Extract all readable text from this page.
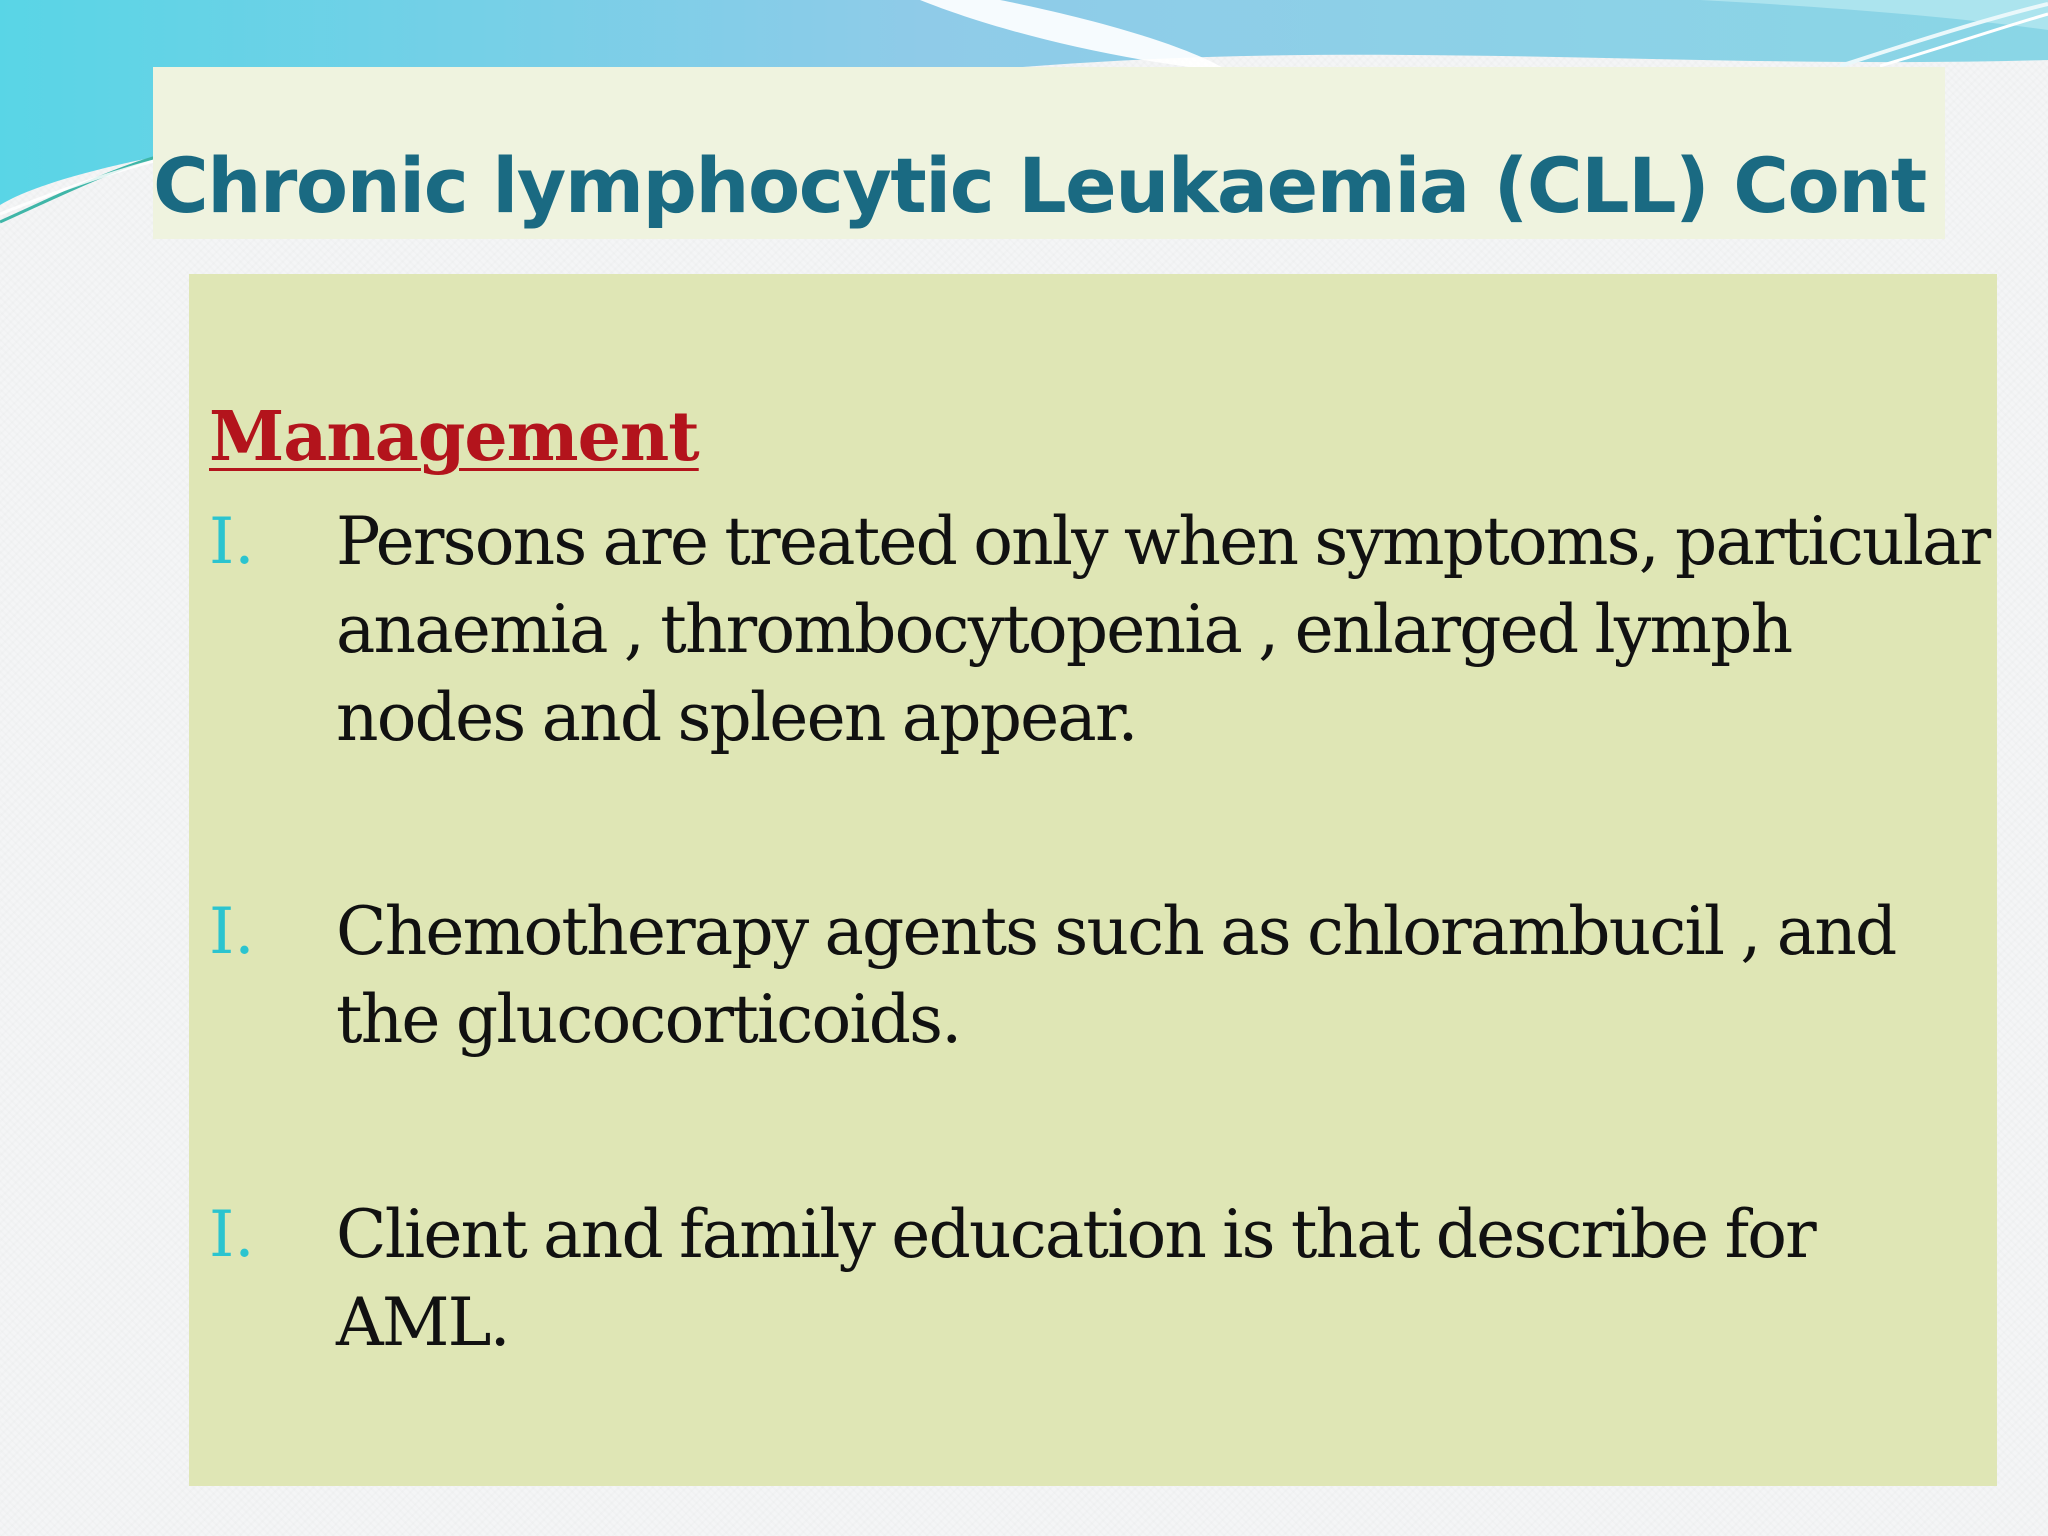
Chronic lymphocytic Leukaemia (CLL) Cont
Management
I. Persons are treated only when symptoms, particular anaemia , thrombocytopenia , enlarged lymph nodes and spleen appear.

I. Chemotherapy agents such as chlorambucil , and the glucocorticoids.

I. Client and family education is that describe for AML.
